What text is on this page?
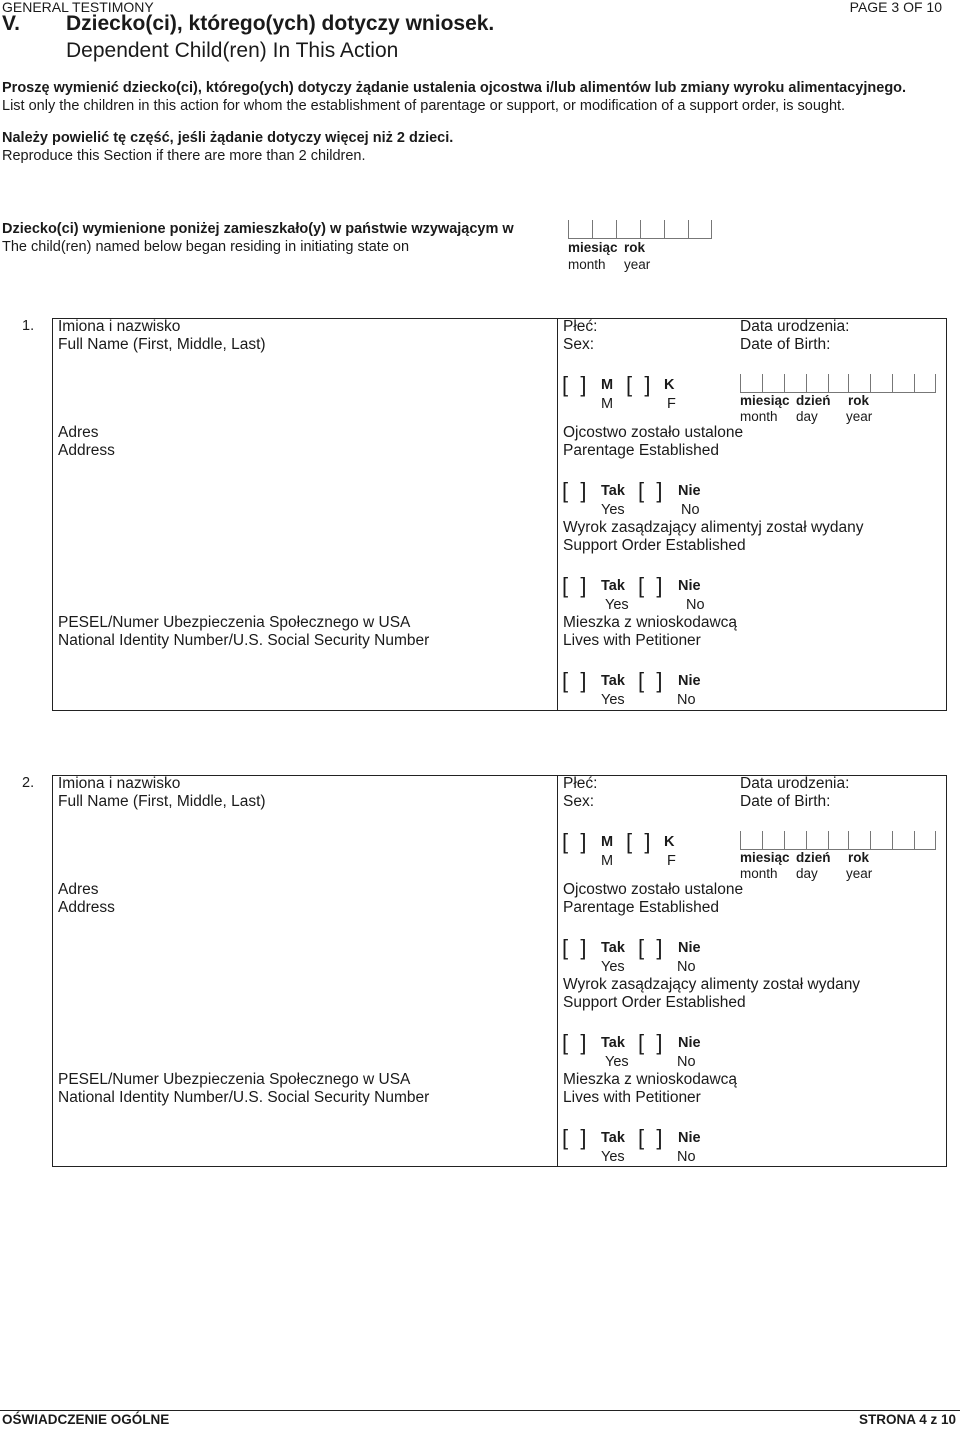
GENERAL TESTIMONY	PAGE 3 OF 10
V. Dziecko(ci), którego(ych) dotyczy wniosek.
Dependent Child(ren) In This Action
Proszę wymienić dziecko(ci), którego(ych) dotyczy żądanie ustalenia ojcostwa i/lub alimentów lub zmiany wyroku alimentacyjnego.
List only the children in this action for whom the establishment of parentage or support, or modification of a support order, is sought.
Należy powielić tę część, jeśli żądanie dotyczy więcej niż 2 dzieci.
Reproduce this Section if there are more than 2 children.
Dziecko(ci) wymienione poniżej zamieszkało(y) w państwie wzywającym w
The child(ren) named below began residing in initiating state on	miesiąc rok
month year
1. Imiona i nazwisko
Full Name (First, Middle, Last)
Adres
Address
PESEL/Numer Ubezpieczenia Społecznego w USA
National Identity Number/U.S. Social Security Number
Płeć:
Sex:
[  ] M [  ] K
M	F
Data urodzenia:
Date of Birth:
miesiąc dzień rok
month day year
Ojcostwo zostało ustalone
Parentage Established
[  ] Tak [  ] Nie
Yes	No
Wyrok zasądzający alimentyj został wydany
Support Order Established
[  ] Tak [  ] Nie
Yes	No
Mieszka z wnioskodawcą
Lives with Petitioner
[  ] Tak [  ] Nie
Yes	No
2. Imiona i nazwisko
Full Name (First, Middle, Last)
Adres
Address
PESEL/Numer Ubezpieczenia Społecznego w USA
National Identity Number/U.S. Social Security Number
Płeć:
Sex:
[  ] M [  ] K
M	F
Data urodzenia:
Date of Birth:
miesiąc dzień rok
month day year
Ojcostwo zostało ustalone
Parentage Established
[  ] Tak [  ] Nie
Yes	No
Wyrok zasądzający alimenty został wydany
Support Order Established
[  ] Tak [  ] Nie
Yes	No
Mieszka z wnioskodawcą
Lives with Petitioner
[  ] Tak [  ] Nie
Yes	No
OŚWIADCZENIE OGÓLNE	STRONA 4 z 10
